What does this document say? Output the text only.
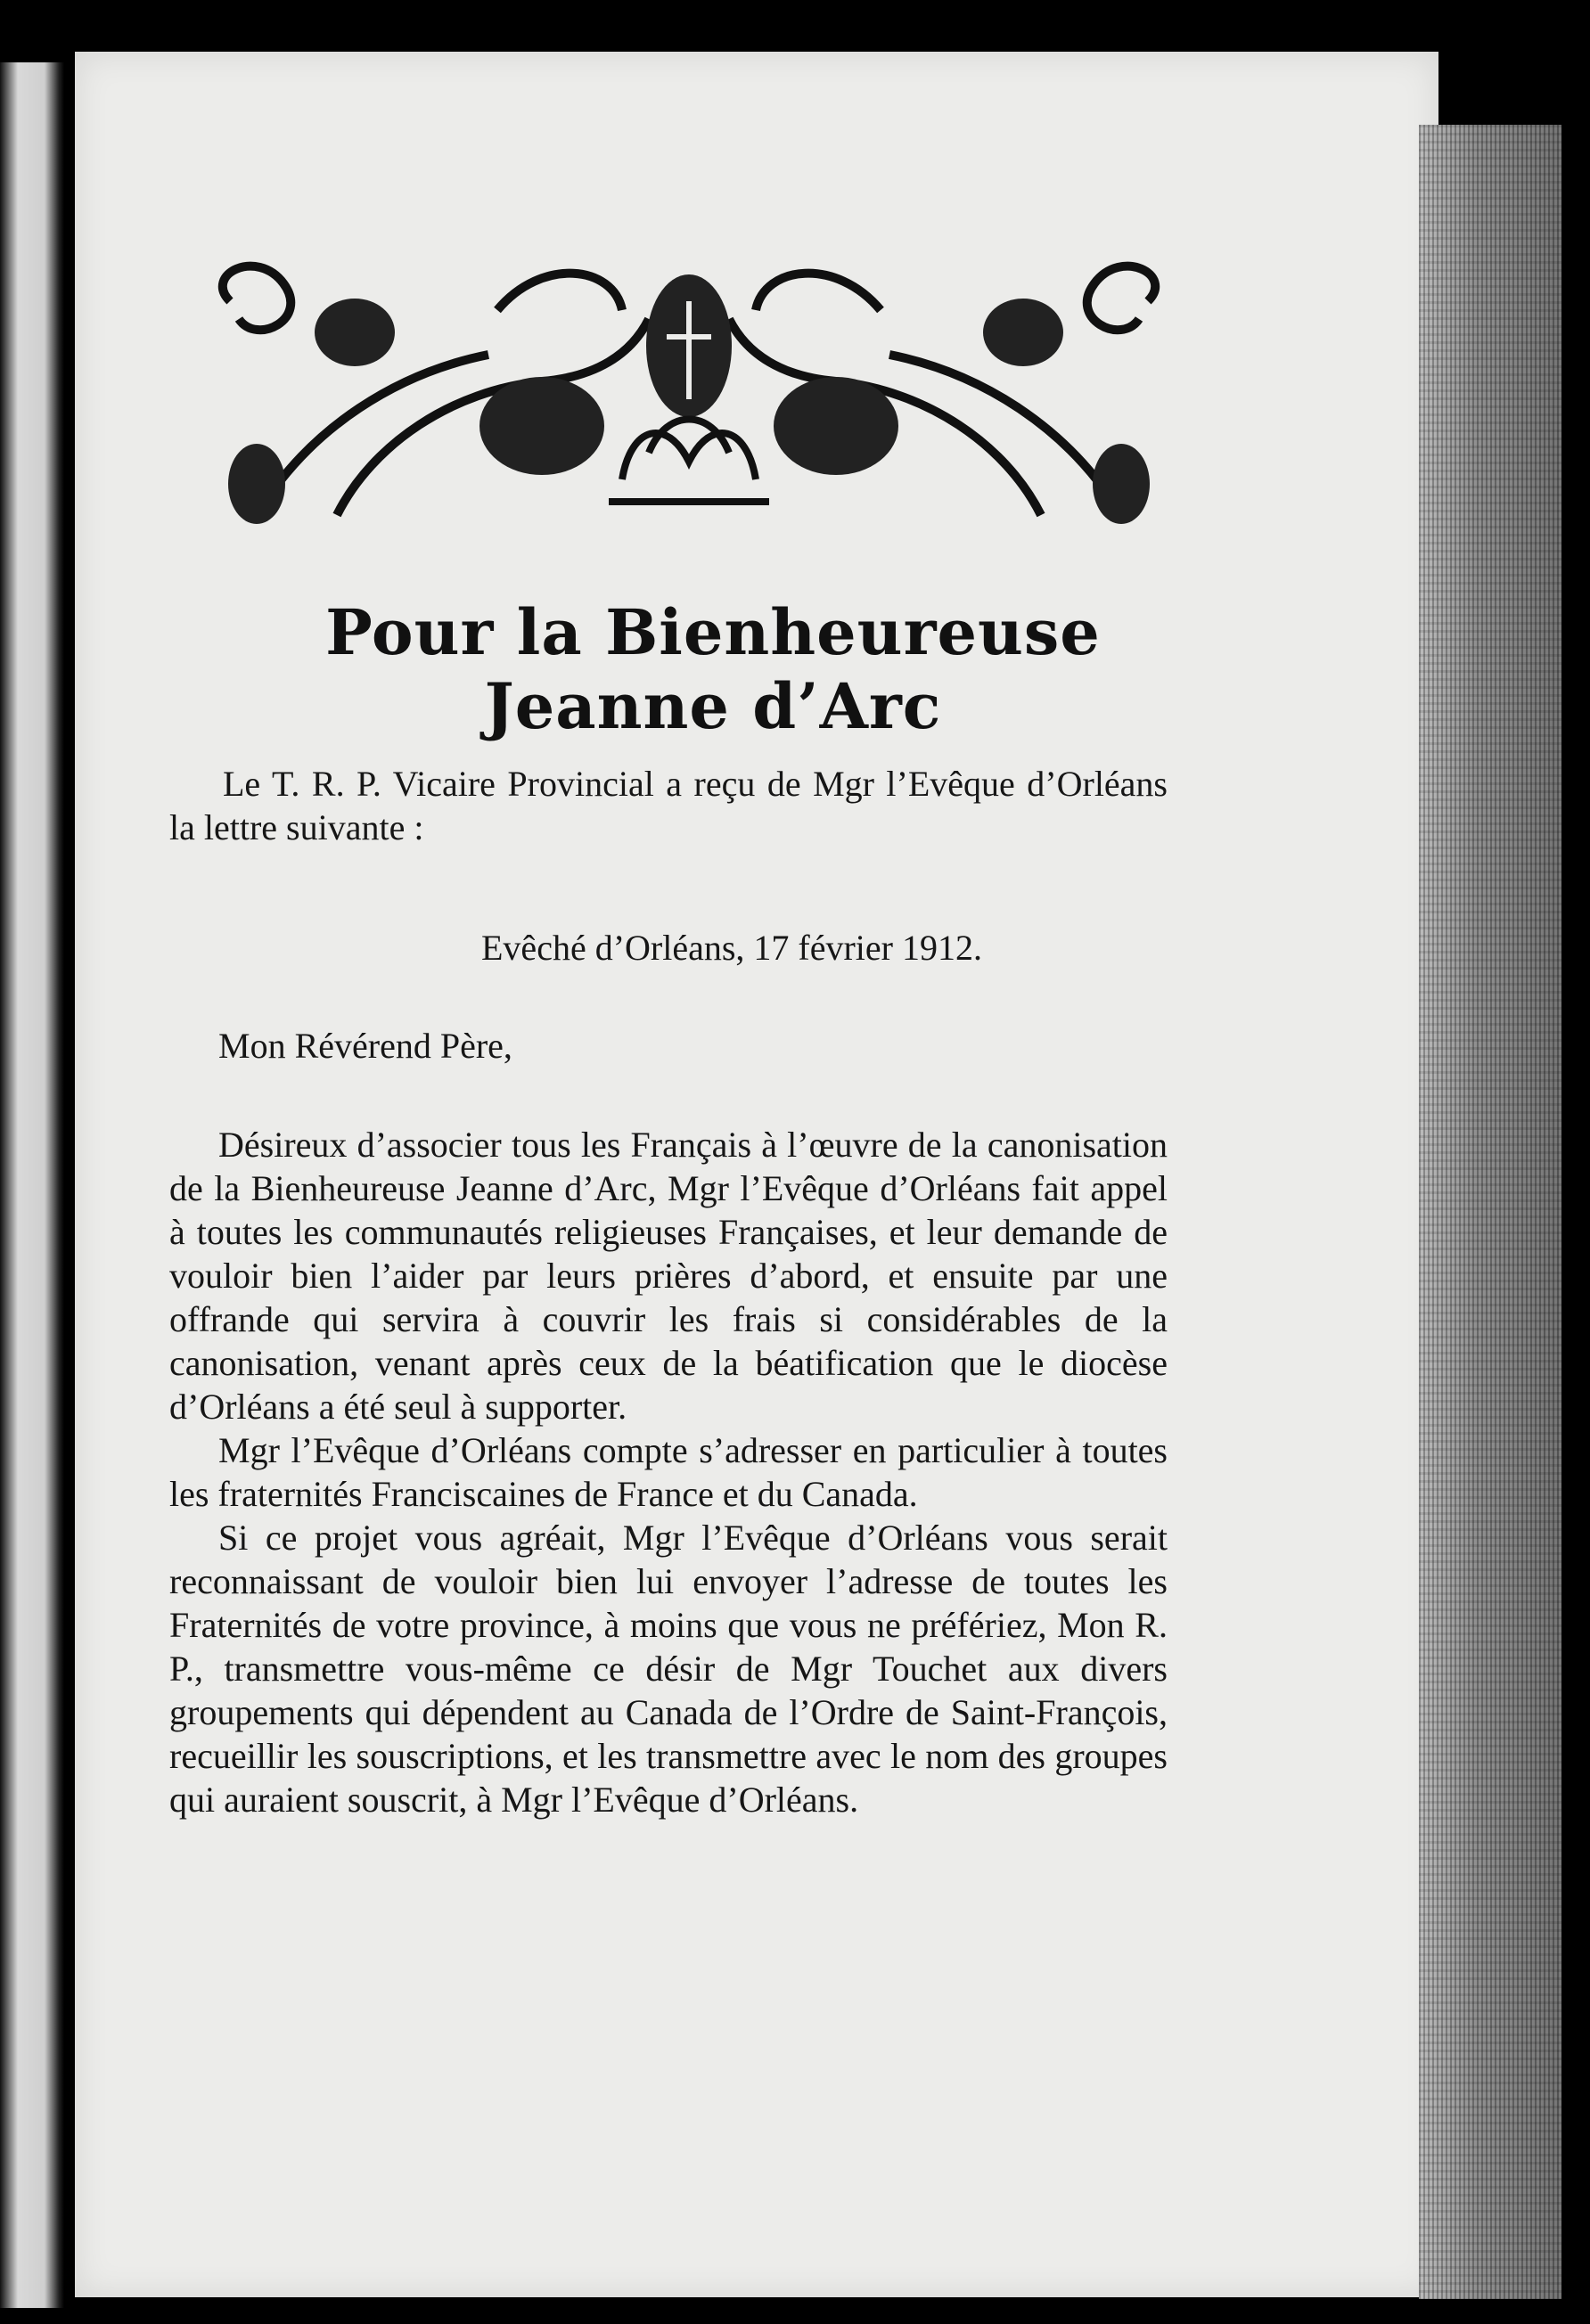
Pour la Bienheureuse Jeanne d’Arc

Le T. R. P. Vicaire Provincial a reçu de Mgr l’Evêque d’Orléans la lettre suivante :

Evêché d’Orléans, 17 février 1912.
Mon Révérend Père,

Désireux d’associer tous les Français à l’œuvre de la canonisation de la Bienheureuse Jeanne d’Arc, Mgr l’Evêque d’Orléans fait appel à toutes les communautés religieuses Françaises, et leur demande de vouloir bien l’aider par leurs prières d’abord, et ensuite par une offrande qui servira à couvrir les frais si considérables de la canonisation, venant après ceux de la béatification que le diocèse d’Orléans a été seul à supporter.

Mgr l’Evêque d’Orléans compte s’adresser en particulier à toutes les fraternités Franciscaines de France et du Canada.

Si ce projet vous agréait, Mgr l’Evêque d’Orléans vous serait reconnaissant de vouloir bien lui envoyer l’adresse de toutes les Fraternités de votre province, à moins que vous ne préfériez, Mon R. P., transmettre vous-même ce désir de Mgr Touchet aux divers groupements qui dépendent au Canada de l’Ordre de Saint-François, recueillir les souscriptions, et les transmettre avec le nom des groupes qui auraient souscrit, à Mgr l’Evêque d’Orléans.
